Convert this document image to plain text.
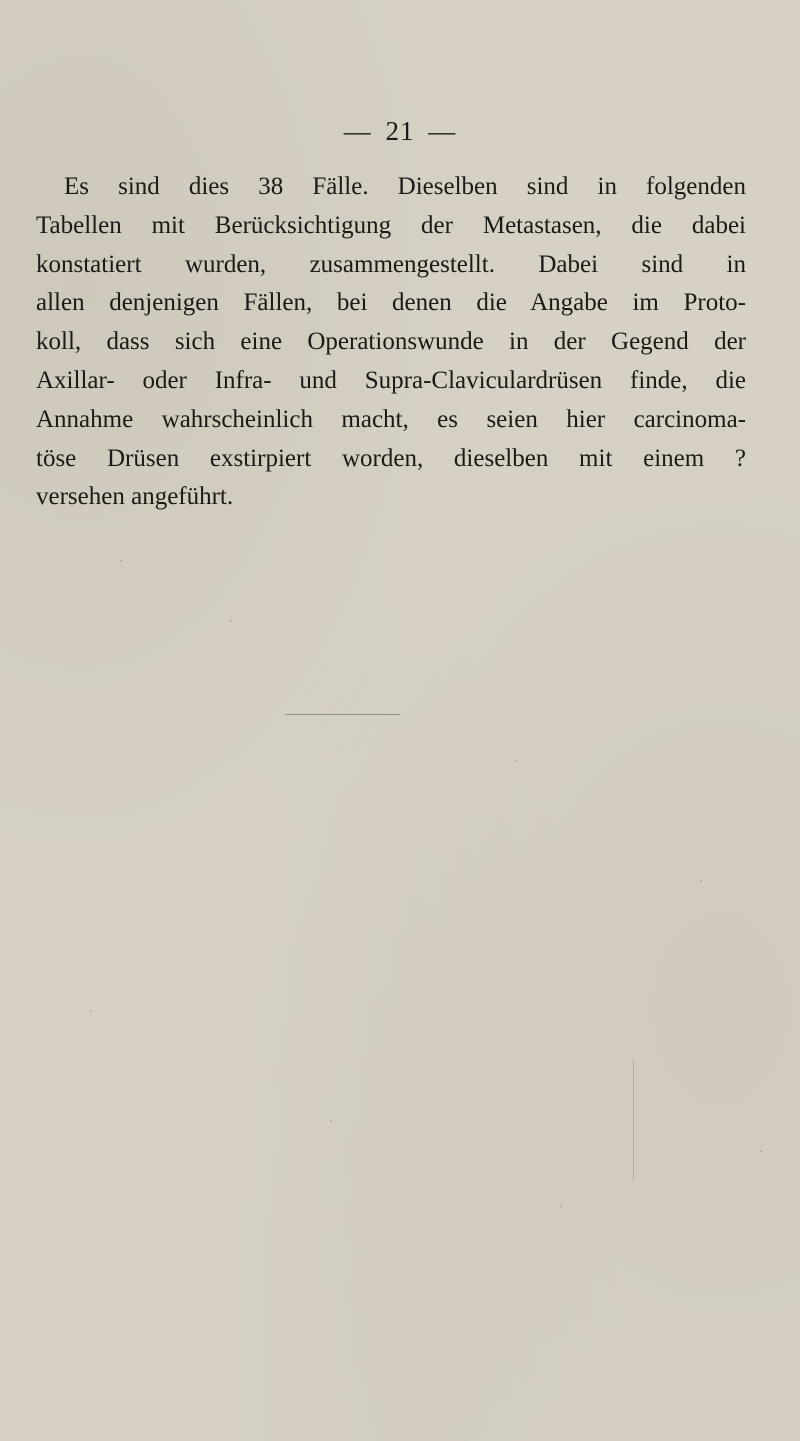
— 21 —
Es sind dies 38 Fälle. Dieselben sind in folgenden
Tabellen mit Berücksichtigung der Metastasen, die dabei
konstatiert wurden, zusammengestellt. Dabei sind in
allen denjenigen Fällen, bei denen die Angabe im Proto-
koll, dass sich eine Operationswunde in der Gegend der
Axillar- oder Infra- und Supra-Claviculardrüsen finde, die
Annahme wahrscheinlich macht, es seien hier carcinoma-
töse Drüsen exstirpiert worden, dieselben mit einem ?
versehen angeführt.
